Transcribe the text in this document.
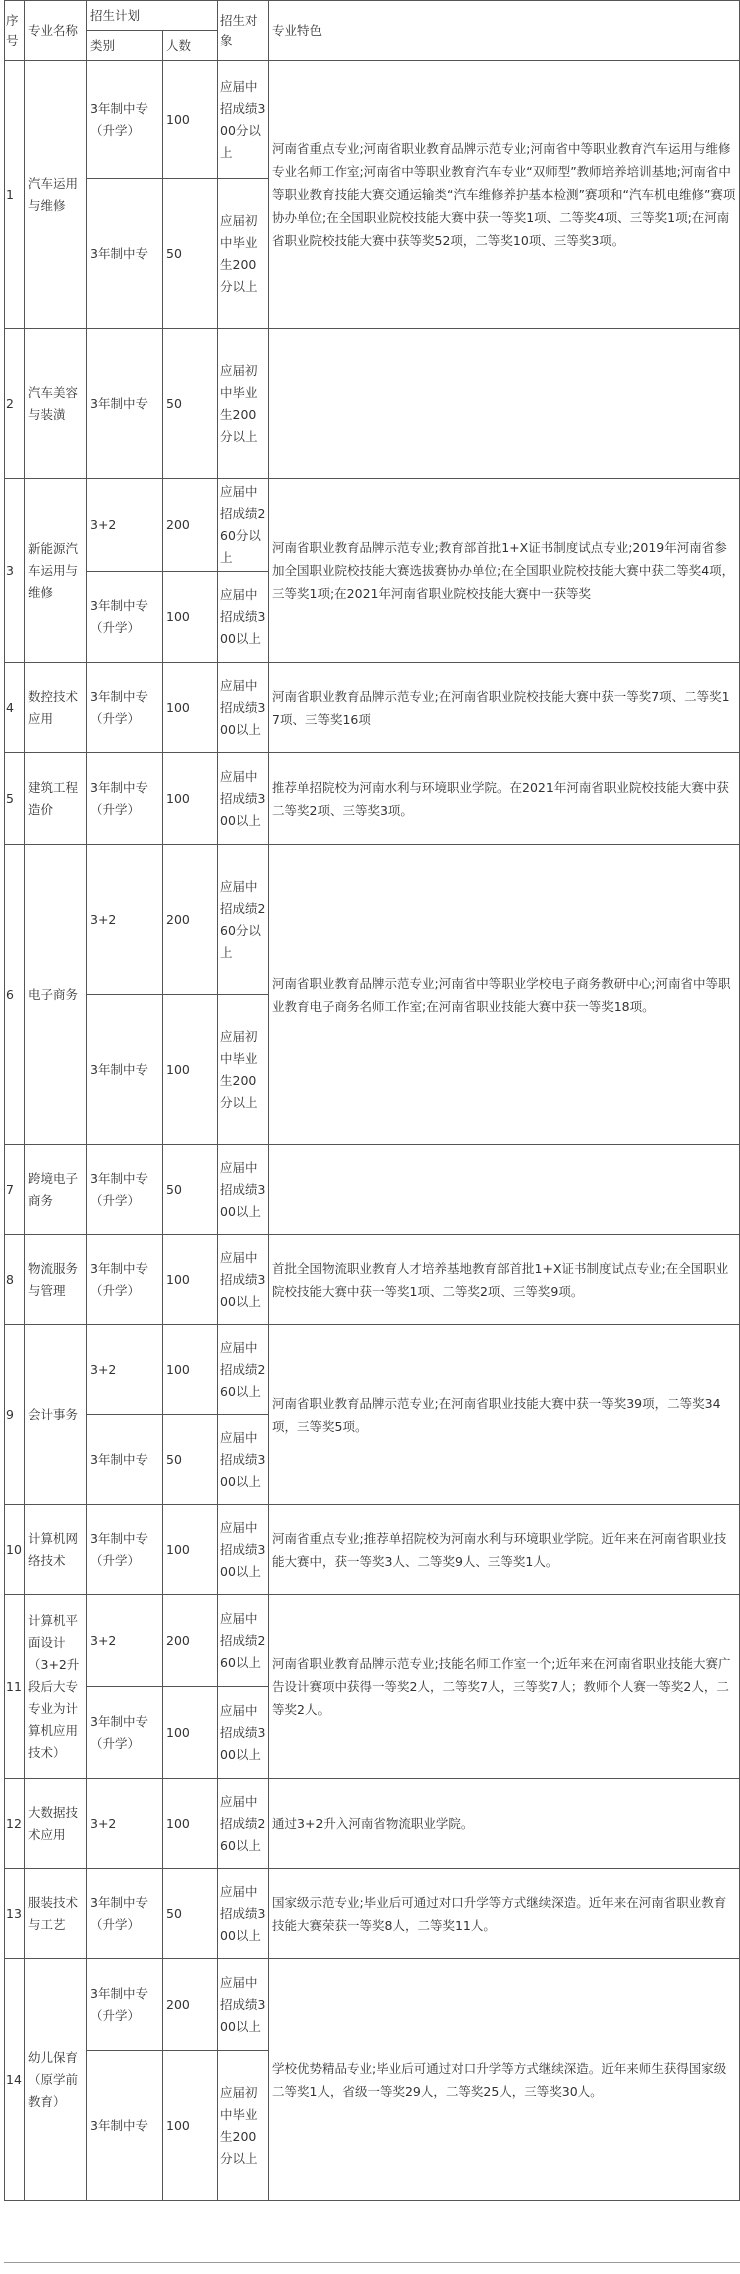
序号	专业名称	招生计划		招生对象	专业特色
		类别	人数		
1	汽车运用与维修	3年制中专（升学）	100	应届中招成绩300分以上	河南省重点专业;河南省职业教育品牌示范专业;河南省中等职业教育汽车运用与维修专业名师工作室;河南省中等职业教育汽车专业“双师型”教师培养培训基地;河南省中等职业教育技能大赛交通运输类“汽车维修养护基本检测”赛项和“汽车机电维修”赛项协办单位;在全国职业院校技能大赛中获一等奖1项、二等奖4项、三等奖1项;在河南省职业院校技能大赛中获等奖52项，二等奖10项、三等奖3项。
		3年制中专	50	应届初中毕业生200分以上	
2	汽车美容与装潢	3年制中专	50	应届初中毕业生200分以上	
3	新能源汽车运用与维修	3+2	200	应届中招成绩260分以上	河南省职业教育品牌示范专业;教育部首批1+X证书制度试点专业;2019年河南省参加全国职业院校技能大赛选拔赛协办单位;在全国职业院校技能大赛中获二等奖4项，三等奖1项;在2021年河南省职业院校技能大赛中一获等奖
		3年制中专（升学）	100	应届中招成绩300以上	
4	数控技术应用	3年制中专（升学）	100	应届中招成绩300以上	河南省职业教育品牌示范专业;在河南省职业院校技能大赛中获一等奖7项、二等奖17项、三等奖16项
5	建筑工程造价	3年制中专（升学）	100	应届中招成绩300以上	推荐单招院校为河南水利与环境职业学院。在2021年河南省职业院校技能大赛中获二等奖2项、三等奖3项。
6	电子商务	3+2	200	应届中招成绩260分以上	河南省职业教育品牌示范专业;河南省中等职业学校电子商务教研中心;河南省中等职业教育电子商务名师工作室;在河南省职业技能大赛中获一等奖18项。
		3年制中专	100	应届初中毕业生200分以上	
7	跨境电子商务	3年制中专（升学）	50	应届中招成绩300以上	
8	物流服务与管理	3年制中专（升学）	100	应届中招成绩300以上	首批全国物流职业教育人才培养基地教育部首批1+X证书制度试点专业;在全国职业院校技能大赛中获一等奖1项、二等奖2项、三等奖9项。
9	会计事务	3+2	100	应届中招成绩260以上	河南省职业教育品牌示范专业;在河南省职业技能大赛中获一等奖39项，二等奖34项，三等奖5项。
		3年制中专	50	应届中招成绩300以上	
10	计算机网络技术	3年制中专（升学）	100	应届中招成绩300以上	河南省重点专业;推荐单招院校为河南水利与环境职业学院。近年来在河南省职业技能大赛中，获一等奖3人、二等奖9人、三等奖1人。
11	计算机平面设计（3+2升段后大专专业为计算机应用技术）	3+2	200	应届中招成绩260以上	河南省职业教育品牌示范专业;技能名师工作室一个;近年来在河南省职业技能大赛广告设计赛项中获得一等奖2人，二等奖7人，三等奖7人；教师个人赛一等奖2人，二等奖2人。
		3年制中专（升学）	100	应届中招成绩300以上	
12	大数据技术应用	3+2	100	应届中招成绩260以上	通过3+2升入河南省物流职业学院。
13	服装技术与工艺	3年制中专（升学）	50	应届中招成绩300以上	国家级示范专业;毕业后可通过对口升学等方式继续深造。近年来在河南省职业教育技能大赛荣获一等奖8人，二等奖11人。
14	幼儿保育（原学前教育）	3年制中专（升学）	200	应届中招成绩300以上	学校优势精品专业;毕业后可通过对口升学等方式继续深造。近年来师生获得国家级二等奖1人，省级一等奖29人，二等奖25人，三等奖30人。
		3年制中专	100	应届初中毕业生200分以上	
